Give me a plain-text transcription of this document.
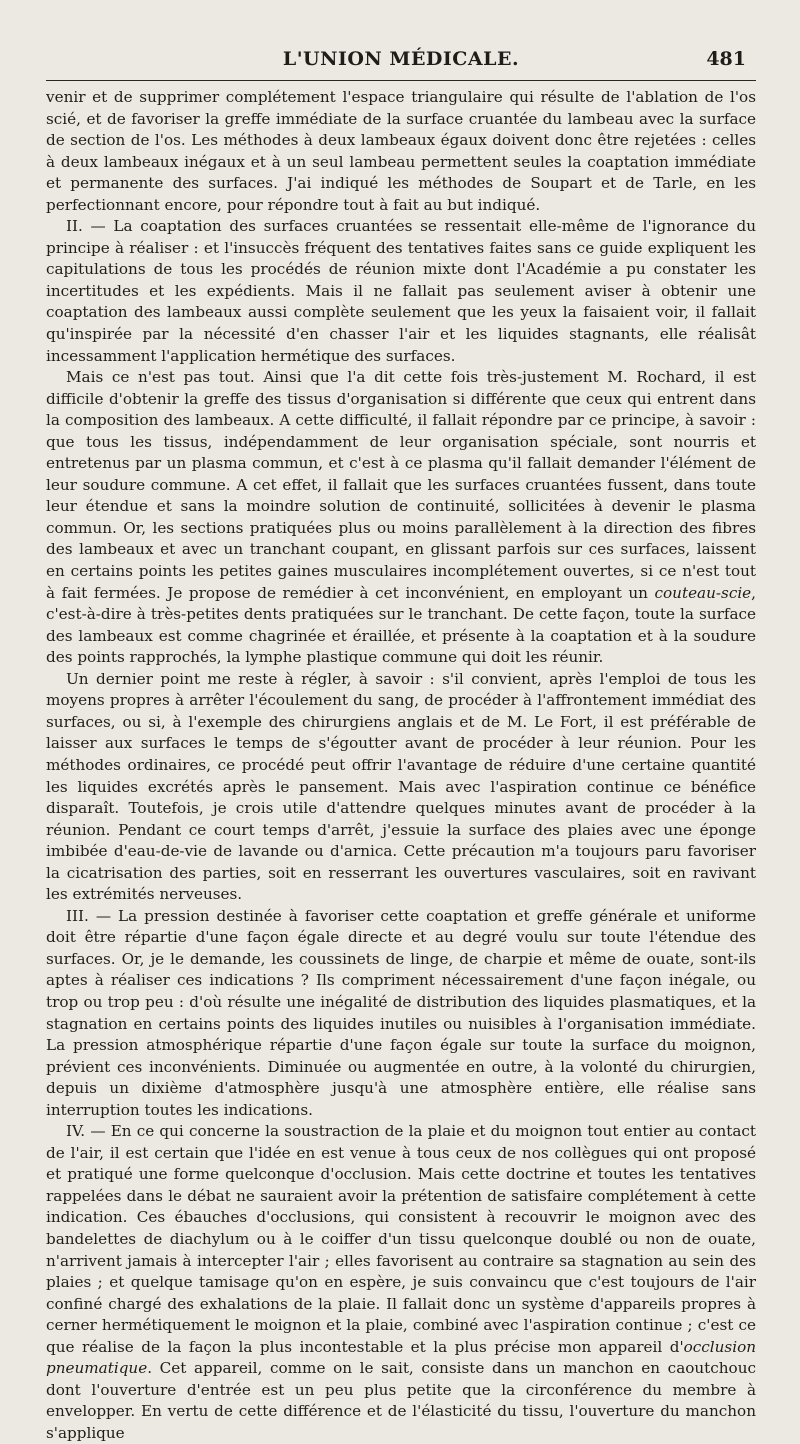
L'UNION MÉDICALE.	481

venir et de supprimer complétement l'espace triangulaire qui résulte de l'ablation de l'os scié, et de favoriser la greffe immédiate de la surface cruantée du lambeau avec la surface de section de l'os. Les méthodes à deux lambeaux égaux doivent donc être rejetées : celles à deux lambeaux inégaux et à un seul lambeau permettent seules la coaptation immédiate et permanente des surfaces. J'ai indiqué les méthodes de Soupart et de Tarle, en les perfectionnant encore, pour répondre tout à fait au but indiqué.

II. — La coaptation des surfaces cruantées se ressentait elle-même de l'ignorance du principe à réaliser : et l'insuccès fréquent des tentatives faites sans ce guide expliquent les capitulations de tous les procédés de réunion mixte dont l'Académie a pu constater les incertitudes et les expédients. Mais il ne fallait pas seulement aviser à obtenir une coaptation des lambeaux aussi complète seulement que les yeux la faisaient voir, il fallait qu'inspirée par la nécessité d'en chasser l'air et les liquides stagnants, elle réalisât incessamment l'application hermétique des surfaces.

Mais ce n'est pas tout. Ainsi que l'a dit cette fois très-justement M. Rochard, il est difficile d'obtenir la greffe des tissus d'organisation si différente que ceux qui entrent dans la composition des lambeaux. A cette difficulté, il fallait répondre par ce principe, à savoir : que tous les tissus, indépendamment de leur organisation spéciale, sont nourris et entretenus par un plasma commun, et c'est à ce plasma qu'il fallait demander l'élément de leur soudure commune. A cet effet, il fallait que les surfaces cruantées fussent, dans toute leur étendue et sans la moindre solution de continuité, sollicitées à devenir le plasma commun. Or, les sections pratiquées plus ou moins parallèlement à la direction des fibres des lambeaux et avec un tranchant coupant, en glissant parfois sur ces surfaces, laissent en certains points les petites gaines musculaires incomplétement ouvertes, si ce n'est tout à fait fermées. Je propose de remédier à cet inconvénient, en employant un couteau-scie, c'est-à-dire à très-petites dents pratiquées sur le tranchant. De cette façon, toute la surface des lambeaux est comme chagrinée et éraillée, et présente à la coaptation et à la soudure des points rapprochés, la lymphe plastique commune qui doit les réunir.

Un dernier point me reste à régler, à savoir : s'il convient, après l'emploi de tous les moyens propres à arrêter l'écoulement du sang, de procéder à l'affrontement immédiat des surfaces, ou si, à l'exemple des chirurgiens anglais et de M. Le Fort, il est préférable de laisser aux surfaces le temps de s'égoutter avant de procéder à leur réunion. Pour les méthodes ordinaires, ce procédé peut offrir l'avantage de réduire d'une certaine quantité les liquides excrétés après le pansement. Mais avec l'aspiration continue ce bénéfice disparaît. Toutefois, je crois utile d'attendre quelques minutes avant de procéder à la réunion. Pendant ce court temps d'arrêt, j'essuie la surface des plaies avec une éponge imbibée d'eau-de-vie de lavande ou d'arnica. Cette précaution m'a toujours paru favoriser la cicatrisation des parties, soit en resserrant les ouvertures vasculaires, soit en ravivant les extrémités nerveuses.

III. — La pression destinée à favoriser cette coaptation et greffe générale et uniforme doit être répartie d'une façon égale directe et au degré voulu sur toute l'étendue des surfaces. Or, je le demande, les coussinets de linge, de charpie et même de ouate, sont-ils aptes à réaliser ces indications ? Ils compriment nécessairement d'une façon inégale, ou trop ou trop peu : d'où résulte une inégalité de distribution des liquides plasmatiques, et la stagnation en certains points des liquides inutiles ou nuisibles à l'organisation immédiate. La pression atmosphérique répartie d'une façon égale sur toute la surface du moignon, prévient ces inconvénients. Diminuée ou augmentée en outre, à la volonté du chirurgien, depuis un dixième d'atmosphère jusqu'à une atmosphère entière, elle réalise sans interruption toutes les indications.

IV. — En ce qui concerne la soustraction de la plaie et du moignon tout entier au contact de l'air, il est certain que l'idée en est venue à tous ceux de nos collègues qui ont proposé et pratiqué une forme quelconque d'occlusion. Mais cette doctrine et toutes les tentatives rappelées dans le débat ne sauraient avoir la prétention de satisfaire complétement à cette indication. Ces ébauches d'occlusions, qui consistent à recouvrir le moignon avec des bandelettes de diachylum ou à le coiffer d'un tissu quelconque doublé ou non de ouate, n'arrivent jamais à intercepter l'air ; elles favorisent au contraire sa stagnation au sein des plaies ; et quelque tamisage qu'on en espère, je suis convaincu que c'est toujours de l'air confiné chargé des exhalations de la plaie. Il fallait donc un système d'appareils propres à cerner hermétiquement le moignon et la plaie, combiné avec l'aspiration continue ; c'est ce que réalise de la façon la plus incontestable et la plus précise mon appareil d'occlusion pneumatique. Cet appareil, comme on le sait, consiste dans un manchon en caoutchouc dont l'ouverture d'entrée est un peu plus petite que la circonférence du membre à envelopper. En vertu de cette différence et de l'élasticité du tissu, l'ouverture du manchon s'applique
